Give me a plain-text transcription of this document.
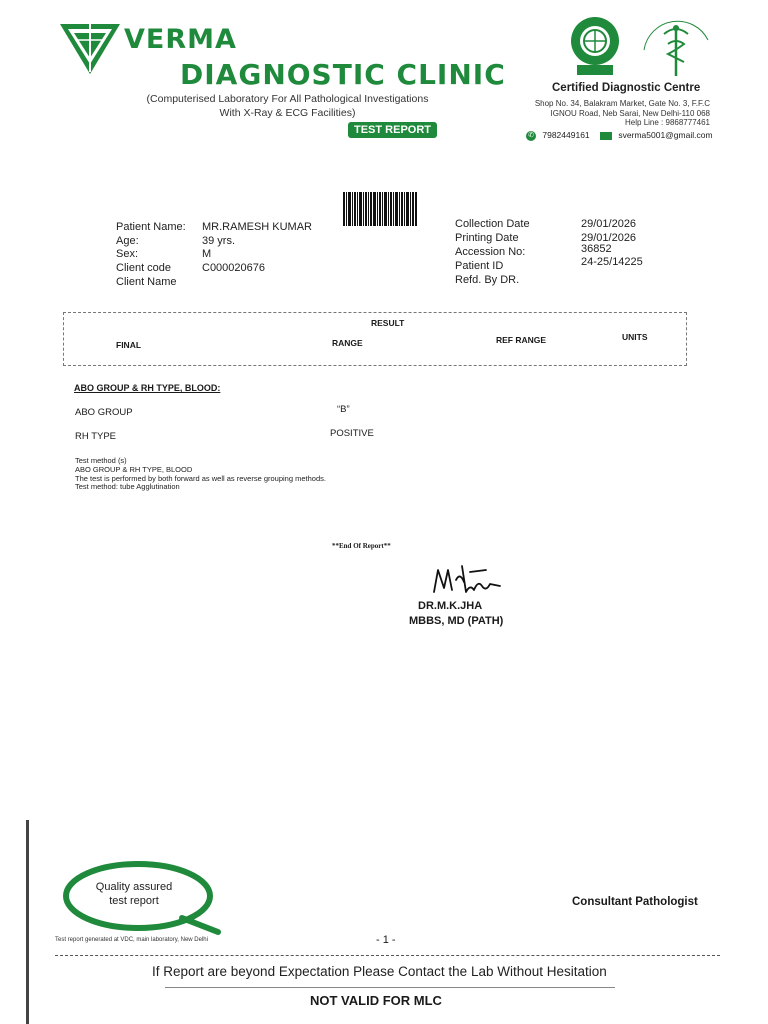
VERMA
DIAGNOSTIC CLINIC
(Computerised Laboratory For All Pathological Investigations
With X-Ray & ECG Facilities)
TEST REPORT
Certified Diagnostic Centre
Shop No. 34, Balakram Market, Gate No. 3, F.F.C
IGNOU Road, Neb Sarai, New Delhi-110 068
Help Line : 9868777461
✆ 7982449161	sverma5001@gmail.com
Patient Name: MR.RAMESH KUMAR
Age:	39 yrs.
Sex:	M
Client code	C000020676
Client Name
Collection Date	29/01/2026
Printing Date	29/01/2026
Accession No:	36852
Patient ID	24-25/14225
Refd. By DR.
RESULT
FINAL	RANGE	REF RANGE	UNITS
ABO GROUP & RH TYPE, BLOOD:
ABO GROUP	“B”
RH TYPE	POSITIVE
Test method (s)
ABO GROUP & RH TYPE, BLOOD
The test is performed by both forward as well as reverse grouping methods.
Test method: tube Agglutination
**End Of Report**
DR.M.K.JHA
MBBS, MD (PATH)
Quality assured
test report	Consultant Pathologist
Test report generated at VDC, main laboratory, New Delhi	- 1 -
If Report are beyond Expectation Please Contact the Lab Without Hesitation
NOT VALID FOR MLC
